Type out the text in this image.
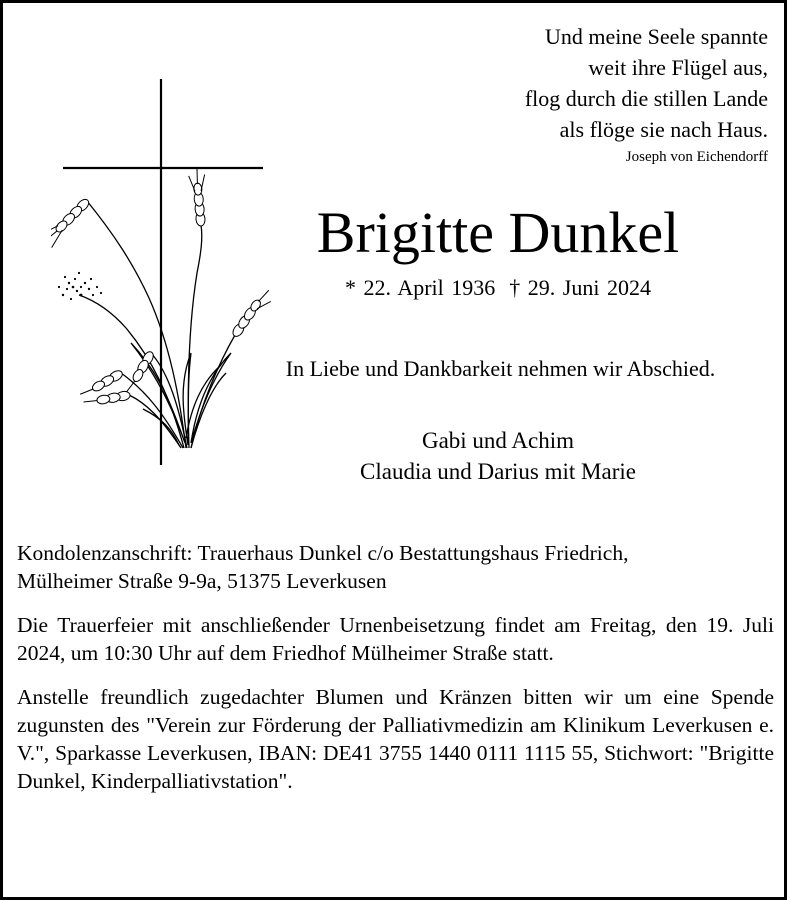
Und meine Seele spannte
weit ihre Flügel aus,
flog durch die stillen Lande
als flöge sie nach Haus.
Joseph von Eichendorff
Brigitte Dunkel
* 22. April 1936 † 29. Juni 2024
In Liebe und Dankbarkeit nehmen wir Abschied.
Gabi und Achim
Claudia und Darius mit Marie

Kondolenzanschrift: Trauerhaus Dunkel c/o Bestattungshaus Friedrich,
Mülheimer Straße 9-9a, 51375 Leverkusen

Die Trauerfeier mit anschließender Urnenbeisetzung findet am Freitag, den 19. Juli 2024, um 10:30 Uhr auf dem Friedhof Mülheimer Straße statt.

Anstelle freundlich zugedachter Blumen und Kränzen bitten wir um eine Spende zugunsten des "Verein zur Förderung der Palliativmedizin am Klinikum Leverkusen e. V.", Sparkasse Leverkusen, IBAN: DE41 3755 1440 0111 1115 55, Stichwort: "Brigitte Dunkel, Kinderpalliativstation".
